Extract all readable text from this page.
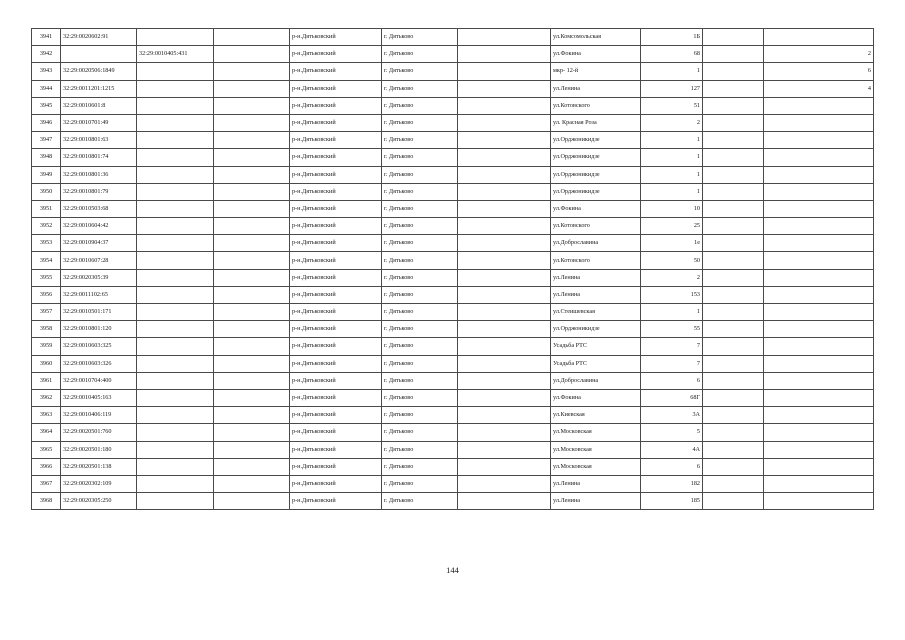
3941	32:29:0020602:91			р-н.Дятьковский	г. Дятьково		ул.Комсомольская	1Б		
3942		32:29:0010405:431		р-н.Дятьковский	г. Дятьково		ул.Фокина	68		2
3943	32:29:0020506:1849			р-н.Дятьковский	г. Дятьково		мкр- 12-й	1		6
3944	32:29:0011201:1215			р-н.Дятьковский	г. Дятьково		ул.Ленина	127		4
3945	32:29:0010601:8			р-н.Дятьковский	г. Дятьково		ул.Котовского	51		
3946	32:29:0010701:49			р-н.Дятьковский	г. Дятьково		ул. Красная Роза	2		
3947	32:29:0010801:63			р-н.Дятьковский	г. Дятьково		ул.Орджоникидзе	1		
3948	32:29:0010801:74			р-н.Дятьковский	г. Дятьково		ул.Орджоникидзе	1		
3949	32:29:0010801:36			р-н.Дятьковский	г. Дятьково		ул.Орджоникидзе	1		
3950	32:29:0010801:79			р-н.Дятьковский	г. Дятьково		ул.Орджоникидзе	1		
3951	32:29:0010503:68			р-н.Дятьковский	г. Дятьково		ул.Фокина	10		
3952	32:29:0010604:42			р-н.Дятьковский	г. Дятьково		ул.Котовского	25		
3953	32:29:0010904:37			р-н.Дятьковский	г. Дятьково		ул.Доброславина	1е		
3954	32:29:0010607:28			р-н.Дятьковский	г. Дятьково		ул.Котовского	50		
3955	32:29:0020305:39			р-н.Дятьковский	г. Дятьково		ул.Ленина	2		
3956	32:29:0011102:65			р-н.Дятьковский	г. Дятьково		ул.Ленина	153		
3957	32:29:0010501:171			р-н.Дятьковский	г. Дятьково		ул.Стеишевская	1		
3958	32:29:0010801:120			р-н.Дятьковский	г. Дятьково		ул.Орджоникидзе	55		
3959	32:29:0010603:325			р-н.Дятьковский	г. Дятьково		Усадьба РТС	7		
3960	32:29:0010603:326			р-н.Дятьковский	г. Дятьково		Усадьба РТС	7		
3961	32:29:0010704:400			р-н.Дятьковский	г. Дятьково		ул.Доброславина	6		
3962	32:29:0010405:163			р-н.Дятьковский	г. Дятьково		ул.Фокина	68Г		
3963	32:29:0010406:119			р-н.Дятьковский	г. Дятьково		ул.Киевская	3А		
3964	32:29:0020501:760			р-н.Дятьковский	г. Дятьково		ул.Московская	5		
3965	32:29:0020501:180			р-н.Дятьковский	г. Дятьково		ул.Московская	4А		
3966	32:29:0020501:138			р-н.Дятьковский	г. Дятьково		ул.Московская	6		
3967	32:29:0020302:109			р-н.Дятьковский	г. Дятьково		ул.Ленина	182		
3968	32:29:0020305:250			р-н.Дятьковский	г. Дятьково		ул.Ленина	185		
144
